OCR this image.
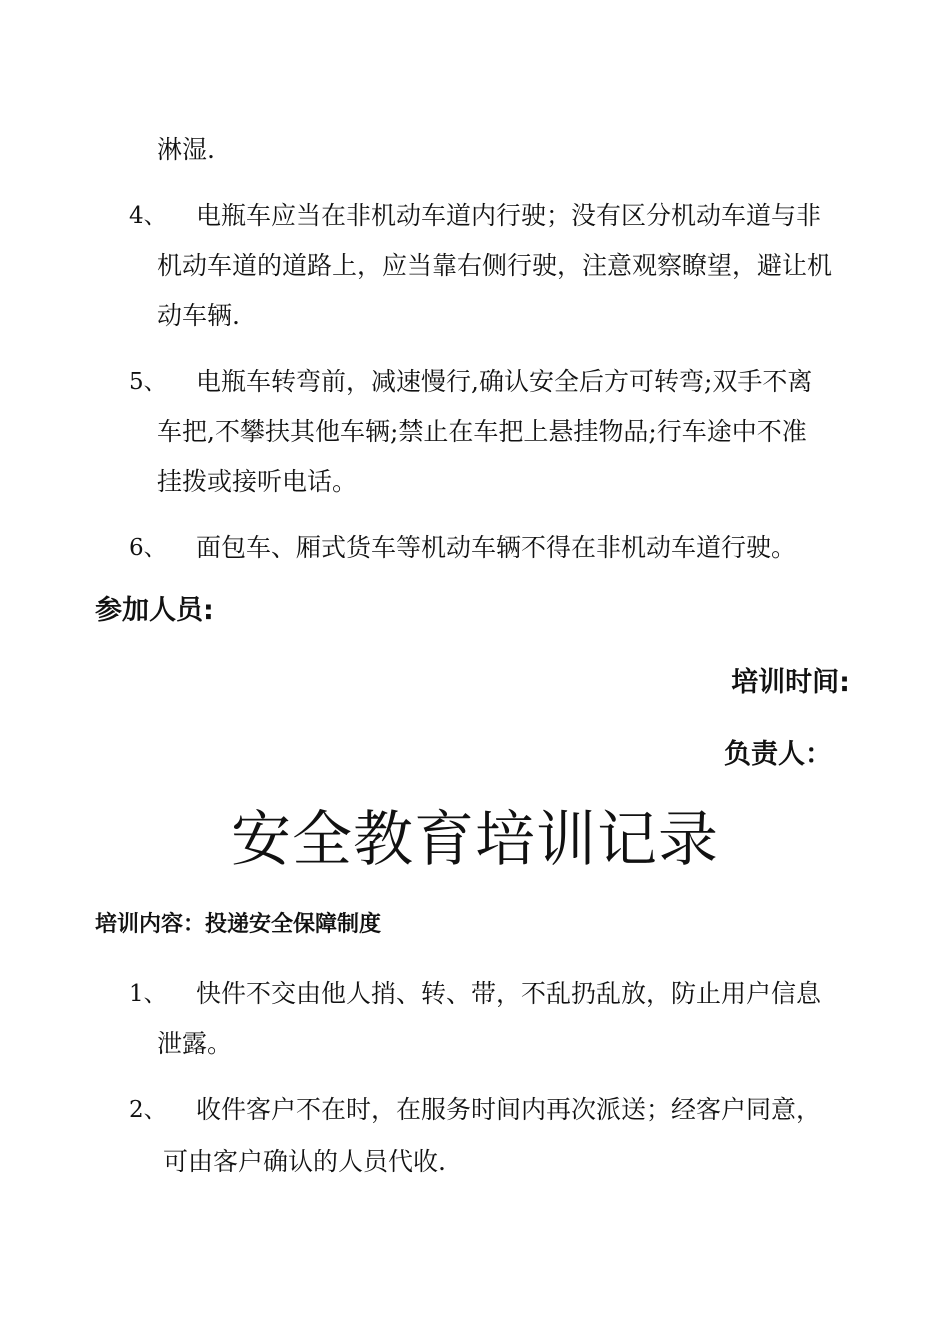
淋湿.
4、 电瓶车应当在非机动车道内行驶；没有区分机动车道与非
机动车道的道路上，应当靠右侧行驶，注意观察瞭望，避让机
动车辆.
5、 电瓶车转弯前，减速慢行,确认安全后方可转弯;双手不离
车把,不攀扶其他车辆;禁止在车把上悬挂物品;行车途中不准
挂拨或接听电话。
6、 面包车、厢式货车等机动车辆不得在非机动车道行驶。
参加人员:
培训时间:
负责人：
安全教育培训记录
培训内容：投递安全保障制度
1、 快件不交由他人捎、转、带，不乱扔乱放，防止用户信息
泄露。
2、 收件客户不在时，在服务时间内再次派送；经客户同意，
可由客户确认的人员代收.
